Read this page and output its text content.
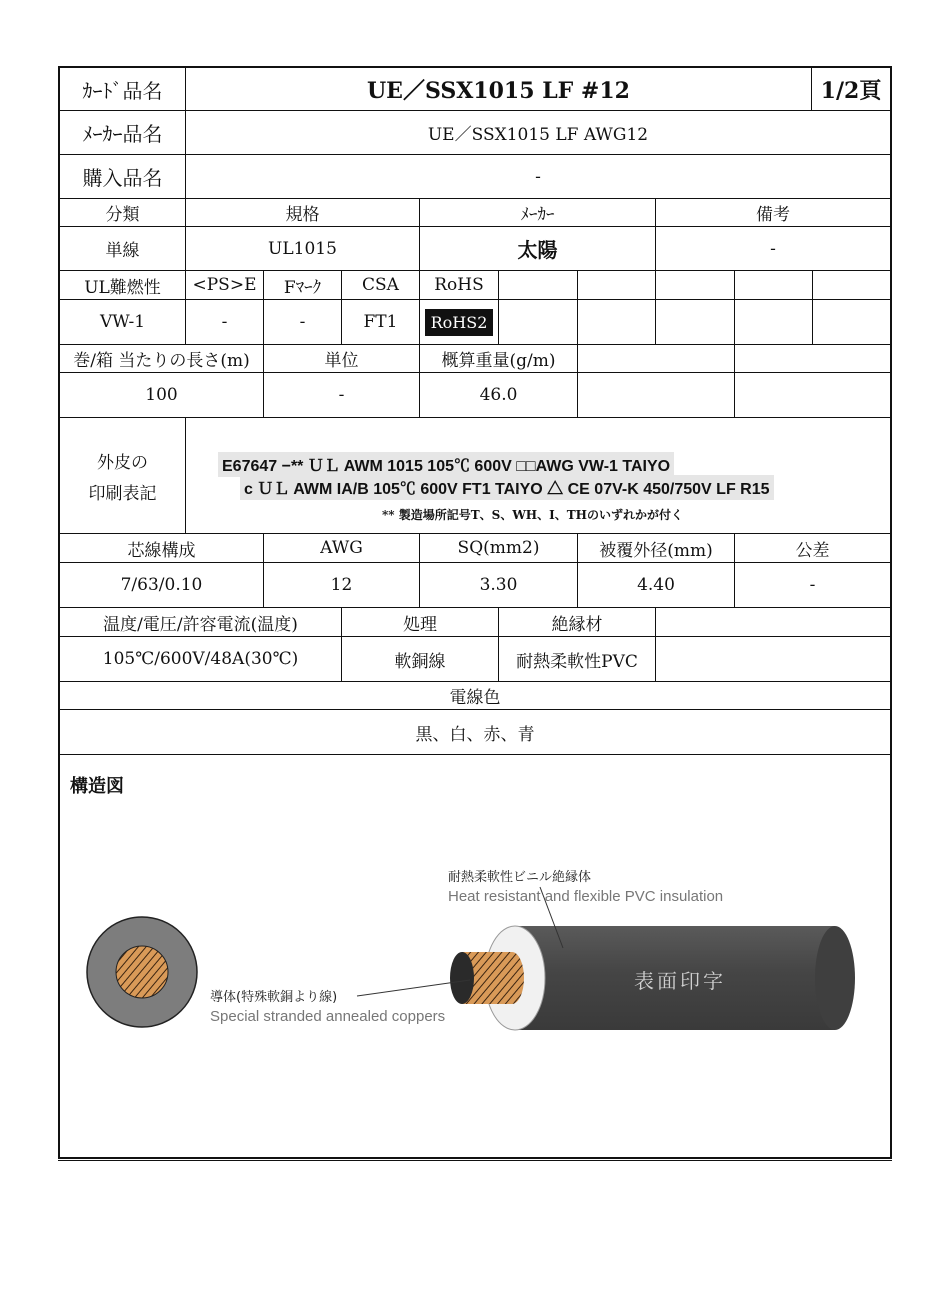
ｶｰﾄﾞ品名	UE／SSX1015 LF #12	1/2頁
ﾒｰｶｰ品名	UE／SSX1015 LF AWG12
購入品名	-
分類	規格	ﾒｰｶｰ	備考
単線	UL1015	太陽	-
UL難燃性	<PS>E	Fﾏｰｸ	CSA	RoHS
VW-1	-	-	FT1	RoHS2
巻/箱 当たりの長さ(m)	単位	概算重量(g/m)
100	-	46.0
外皮の
印刷表記
E67647 −** ＵＬ AWM 1015 105℃ 600V □□AWG VW-1 TAIYO
c ＵＬ AWM IA/B 105℃ 600V FT1 TAIYO △ CE 07V-K 450/750V LF R15
** 製造場所記号T、S、WH、I、THのいずれかが付く
芯線構成	AWG	SQ(mm2)	被覆外径(mm)	公差
7/63/0.10	12	3.30	4.40	-
温度/電圧/許容電流(温度)	処理	絶縁材
105℃/600V/48A(30℃)	軟銅線	耐熱柔軟性PVC
電線色
黒、白、赤、青
構造図
表面印字
耐熱柔軟性ビニル絶縁体
Heat resistant and flexible PVC insulation
導体(特殊軟銅より線)
Special stranded annealed coppers
